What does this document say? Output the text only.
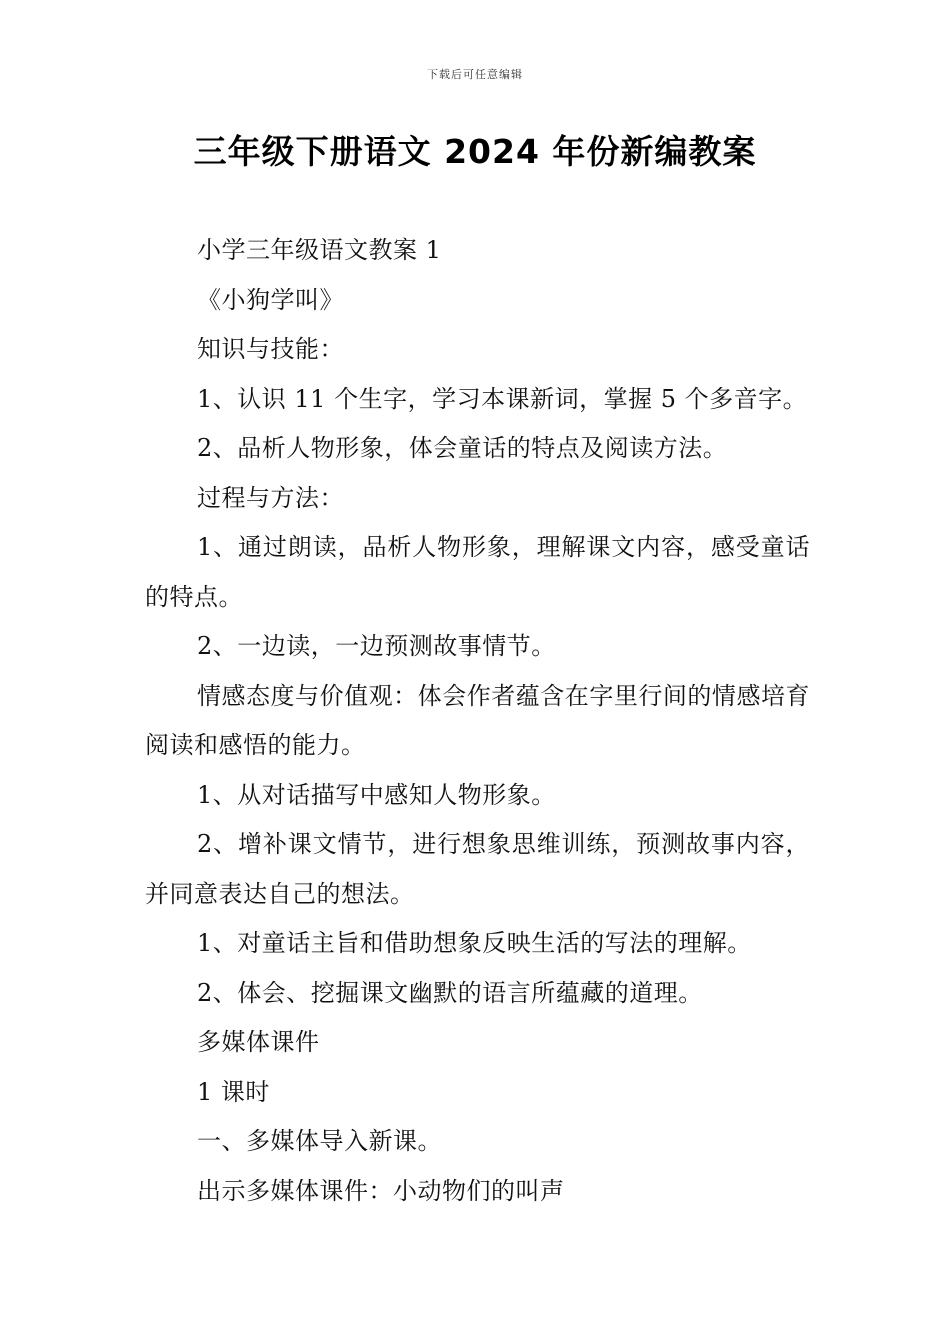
下载后可任意编辑
三年级下册语文 2024 年份新编教案

小学三年级语文教案 1

《小狗学叫》

知识与技能：

1、认识 11 个生字，学习本课新词，掌握 5 个多音字。

2、品析人物形象，体会童话的特点及阅读方法。

过程与方法：

1、通过朗读，品析人物形象，理解课文内容，感受童话的特点。

2、一边读，一边预测故事情节。

情感态度与价值观：体会作者蕴含在字里行间的情感培育阅读和感悟的能力。

1、从对话描写中感知人物形象。

2、增补课文情节，进行想象思维训练，预测故事内容，并同意表达自己的想法。

1、对童话主旨和借助想象反映生活的写法的理解。

2、体会、挖掘课文幽默的语言所蕴藏的道理。

多媒体课件

1 课时

一、多媒体导入新课。

出示多媒体课件：小动物们的叫声
